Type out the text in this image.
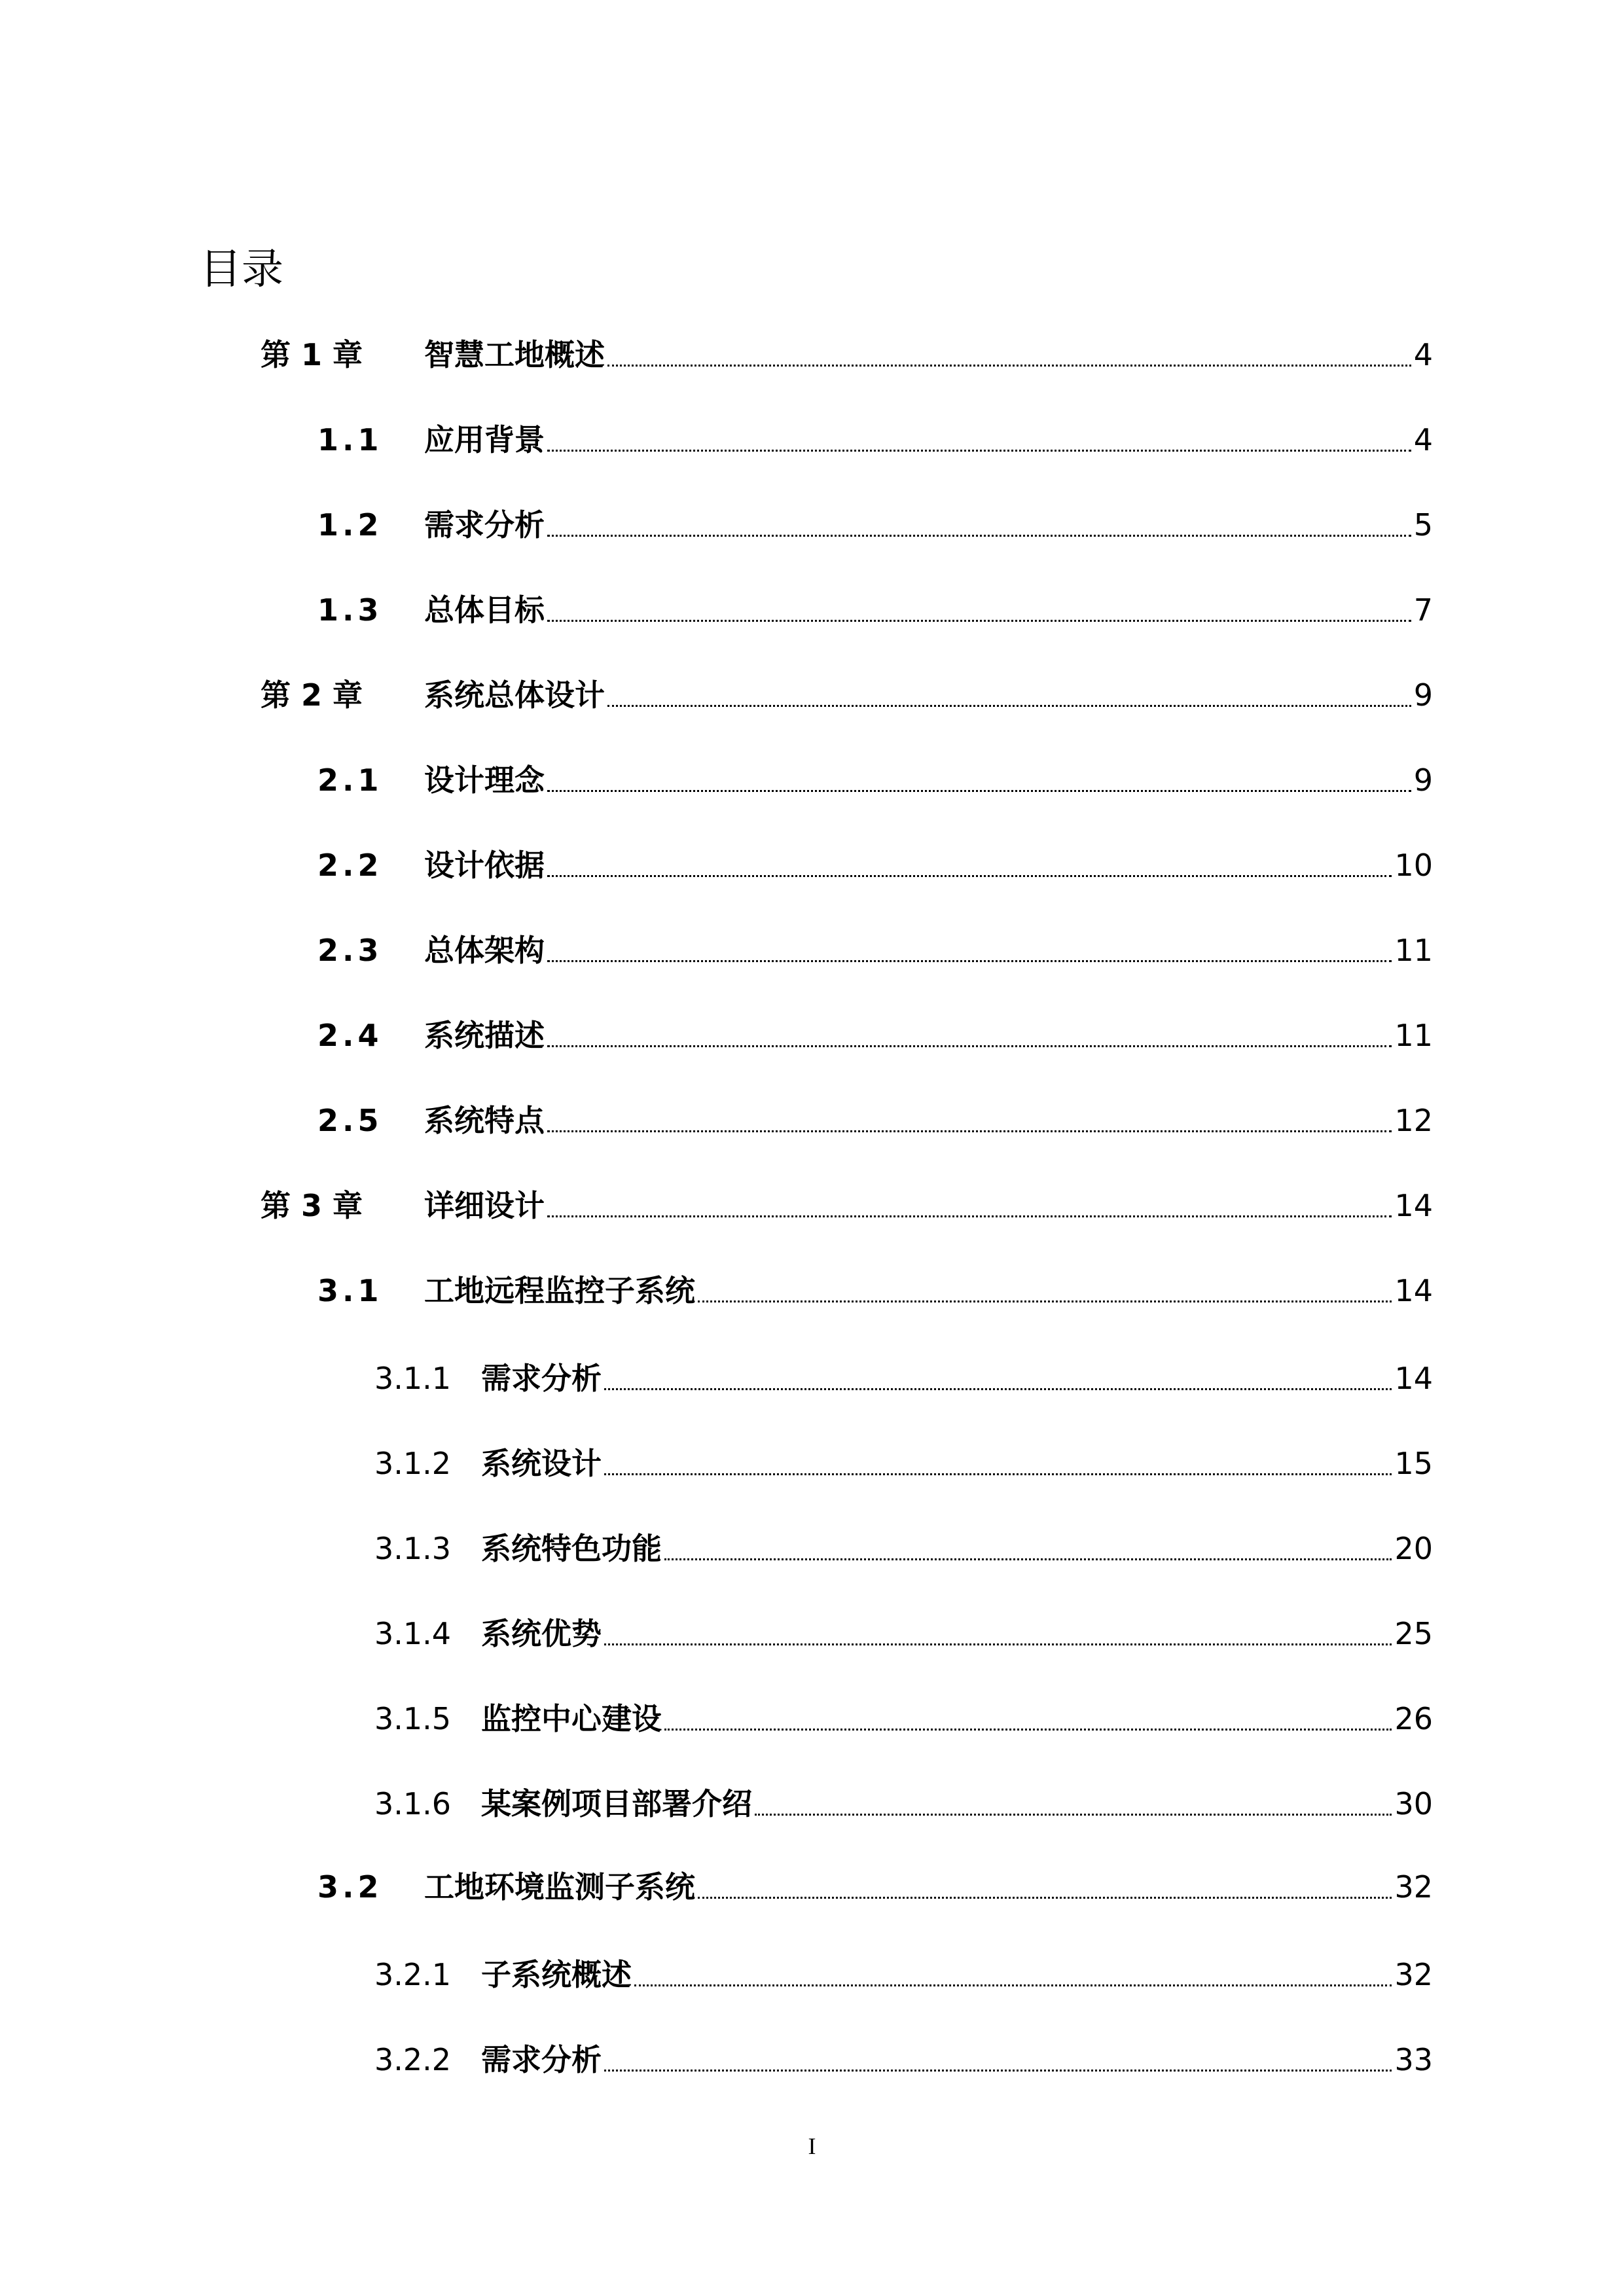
目录
第 1 章 智慧工地概述	4
1.1 应用背景	4
1.2 需求分析	5
1.3 总体目标	7
第 2 章 系统总体设计	9
2.1 设计理念	9
2.2 设计依据	10
2.3 总体架构	11
2.4 系统描述	11
2.5 系统特点	12
第 3 章 详细设计	14
3.1 工地远程监控子系统	14
3.1.1 需求分析	14
3.1.2 系统设计	15
3.1.3 系统特色功能	20
3.1.4 系统优势	25
3.1.5 监控中心建设	26
3.1.6 某案例项目部署介绍	30
3.2 工地环境监测子系统	32
3.2.1 子系统概述	32
3.2.2 需求分析	33
I
